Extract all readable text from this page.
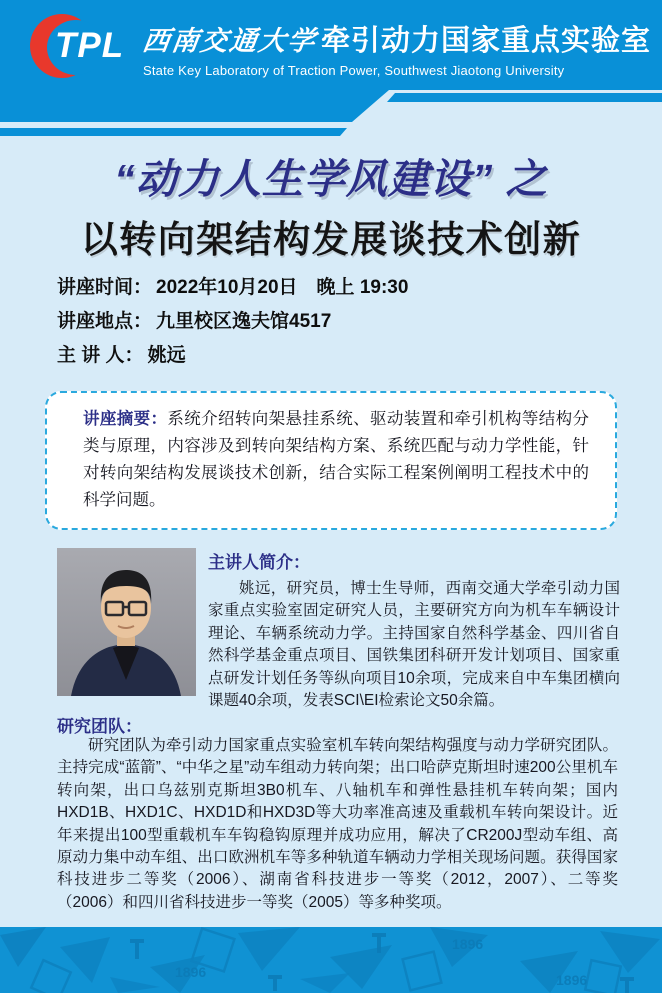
TPL 西南交通大学 牵引动力国家重点实验室
State Key Laboratory of Traction Power, Southwest Jiaotong University
“动力人生学风建设” 之
以转向架结构发展谈技术创新
讲座时间： 2022年10月20日　晚上 19:30
讲座地点： 九里校区逸夫馆4517
主 讲 人： 姚远
讲座摘要：系统介绍转向架悬挂系统、驱动装置和牵引机构等结构分类与原理，内容涉及到转向架结构方案、系统匹配与动力学性能，针对转向架结构发展谈技术创新，结合实际工程案例阐明工程技术中的科学问题。
主讲人简介：
姚远，研究员，博士生导师，西南交通大学牵引动力国家重点实验室固定研究人员，主要研究方向为机车车辆设计理论、车辆系统动力学。主持国家自然科学基金、四川省自然科学基金重点项目、国铁集团科研开发计划项目、国家重点研发计划任务等纵向项目10余项，完成来自中车集团横向课题40余项，发表SCI\EI检索论文50余篇。
研究团队：
研究团队为牵引动力国家重点实验室机车转向架结构强度与动力学研究团队。主持完成“蓝箭”、“中华之星”动车组动力转向架；出口哈萨克斯坦时速200公里机车转向架，出口乌兹别克斯坦3B0机车、八轴机车和弹性悬挂机车转向架；国内HXD1B、HXD1C、HXD1D和HXD3D等大功率准高速及重载机车转向架设计。近年来提出100型重载机车车钩稳钩原理并成功应用，解决了CR200J型动车组、高原动力集中动车组、出口欧洲机车等多种轨道车辆动力学相关现场问题。获得国家科技进步二等奖（2006）、湖南省科技进步一等奖（2012，2007）、二等奖（2006）和四川省科技进步一等奖（2005）等多种奖项。
1896
1896
1896
